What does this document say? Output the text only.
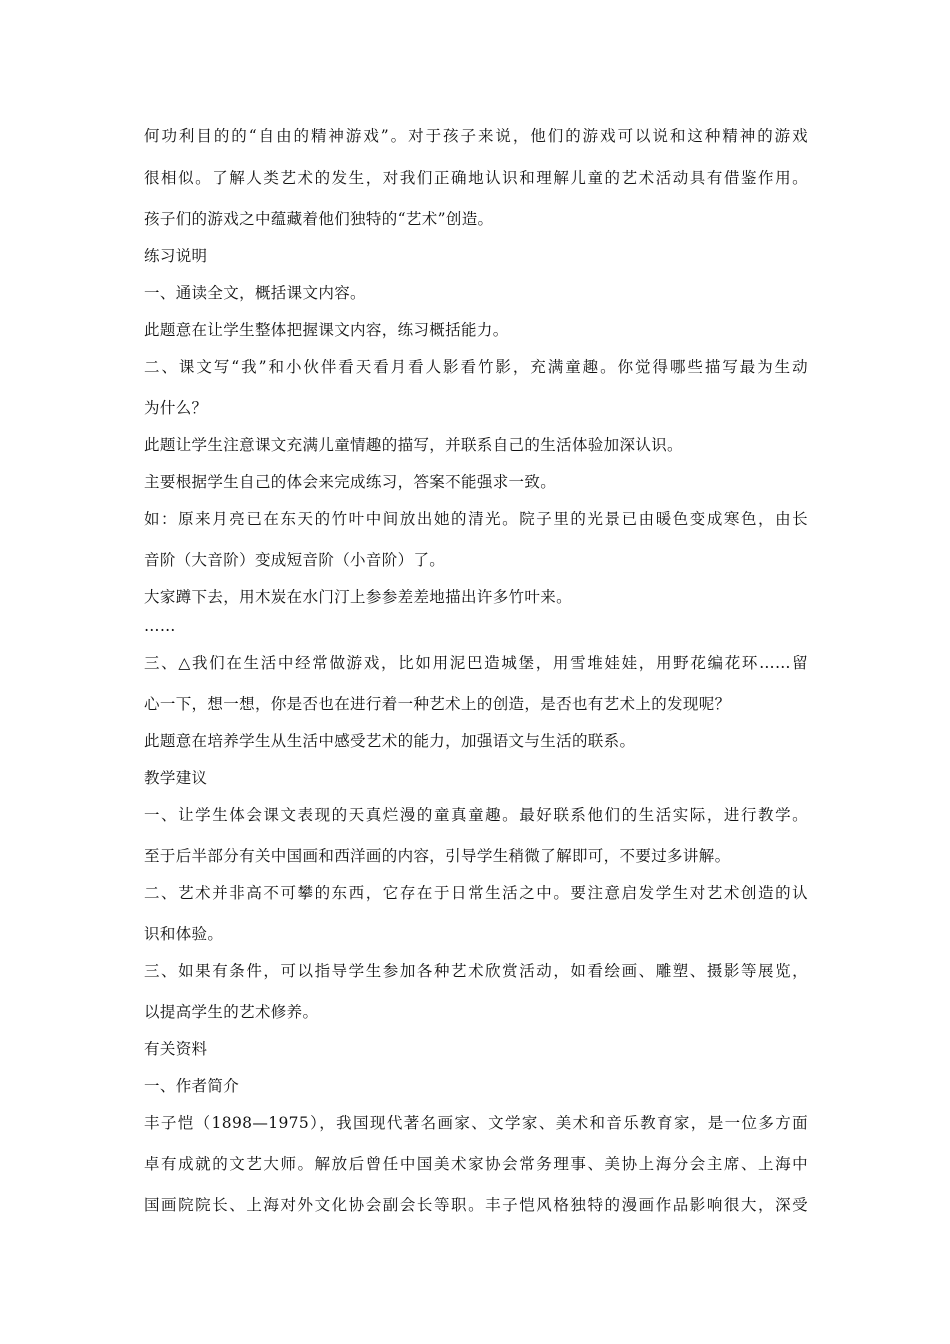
何功利目的的“自由的精神游戏”。对于孩子来说，他们的游戏可以说和这种精神的游戏
很相似。了解人类艺术的发生，对我们正确地认识和理解儿童的艺术活动具有借鉴作用。
孩子们的游戏之中蕴藏着他们独特的“艺术”创造。
练习说明
一、通读全文，概括课文内容。
此题意在让学生整体把握课文内容，练习概括能力。
二、课文写“我”和小伙伴看天看月看人影看竹影，充满童趣。你觉得哪些描写最为生动
为什么？
此题让学生注意课文充满儿童情趣的描写，并联系自己的生活体验加深认识。
主要根据学生自己的体会来完成练习，答案不能强求一致。
如：原来月亮已在东天的竹叶中间放出她的清光。院子里的光景已由暖色变成寒色，由长
音阶（大音阶）变成短音阶（小音阶）了。
大家蹲下去，用木炭在水门汀上参参差差地描出许多竹叶来。
……
三、△我们在生活中经常做游戏，比如用泥巴造城堡，用雪堆娃娃，用野花编花环……留
心一下，想一想，你是否也在进行着一种艺术上的创造，是否也有艺术上的发现呢？
此题意在培养学生从生活中感受艺术的能力，加强语文与生活的联系。
教学建议
一、让学生体会课文表现的天真烂漫的童真童趣。最好联系他们的生活实际，进行教学。
至于后半部分有关中国画和西洋画的内容，引导学生稍微了解即可，不要过多讲解。
二、艺术并非高不可攀的东西，它存在于日常生活之中。要注意启发学生对艺术创造的认
识和体验。
三、如果有条件，可以指导学生参加各种艺术欣赏活动，如看绘画、雕塑、摄影等展览，
以提高学生的艺术修养。
有关资料
一、作者简介
丰子恺（1898—1975），我国现代著名画家、文学家、美术和音乐教育家，是一位多方面
卓有成就的文艺大师。解放后曾任中国美术家协会常务理事、美协上海分会主席、上海中
国画院院长、上海对外文化协会副会长等职。丰子恺风格独特的漫画作品影响很大，深受
